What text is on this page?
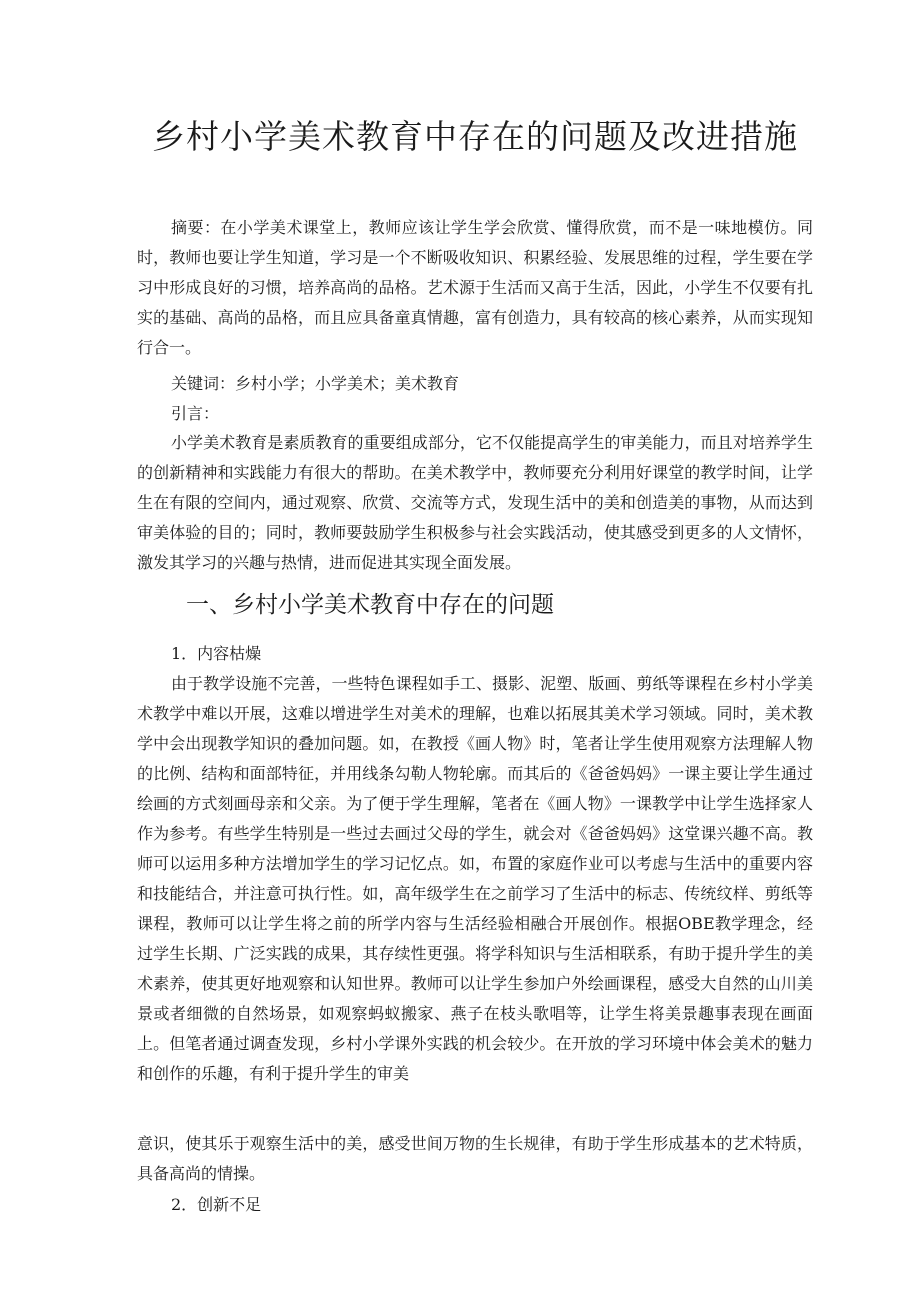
乡村小学美术教育中存在的问题及改进措施

摘要：在小学美术课堂上，教师应该让学生学会欣赏、懂得欣赏，而不是一味地模仿。同时，教师也要让学生知道，学习是一个不断吸收知识、积累经验、发展思维的过程，学生要在学习中形成良好的习惯，培养高尚的品格。艺术源于生活而又高于生活，因此，小学生不仅要有扎实的基础、高尚的品格，而且应具备童真情趣，富有创造力，具有较高的核心素养，从而实现知行合一。

关键词：乡村小学；小学美术；美术教育

引言：

小学美术教育是素质教育的重要组成部分，它不仅能提高学生的审美能力，而且对培养学生的创新精神和实践能力有很大的帮助。在美术教学中，教师要充分利用好课堂的教学时间，让学生在有限的空间内，通过观察、欣赏、交流等方式，发现生活中的美和创造美的事物，从而达到审美体验的目的；同时，教师要鼓励学生积极参与社会实践活动，使其感受到更多的人文情怀，激发其学习的兴趣与热情，进而促进其实现全面发展。

一、乡村小学美术教育中存在的问题

1．内容枯燥

由于教学设施不完善，一些特色课程如手工、摄影、泥塑、版画、剪纸等课程在乡村小学美术教学中难以开展，这难以增进学生对美术的理解，也难以拓展其美术学习领域。同时，美术教学中会出现教学知识的叠加问题。如，在教授《画人物》时，笔者让学生使用观察方法理解人物的比例、结构和面部特征，并用线条勾勒人物轮廓。而其后的《爸爸妈妈》一课主要让学生通过绘画的方式刻画母亲和父亲。为了便于学生理解，笔者在《画人物》一课教学中让学生选择家人作为参考。有些学生特别是一些过去画过父母的学生，就会对《爸爸妈妈》这堂课兴趣不高。教师可以运用多种方法增加学生的学习记忆点。如，布置的家庭作业可以考虑与生活中的重要内容和技能结合，并注意可执行性。如，高年级学生在之前学习了生活中的标志、传统纹样、剪纸等课程，教师可以让学生将之前的所学内容与生活经验相融合开展创作。根据OBE教学理念，经过学生长期、广泛实践的成果，其存续性更强。将学科知识与生活相联系，有助于提升学生的美术素养，使其更好地观察和认知世界。教师可以让学生参加户外绘画课程，感受大自然的山川美景或者细微的自然场景，如观察蚂蚁搬家、燕子在枝头歌唱等，让学生将美景趣事表现在画面上。但笔者通过调查发现，乡村小学课外实践的机会较少。在开放的学习环境中体会美术的魅力和创作的乐趣，有利于提升学生的审美

意识，使其乐于观察生活中的美，感受世间万物的生长规律，有助于学生形成基本的艺术特质，具备高尚的情操。

2．创新不足
